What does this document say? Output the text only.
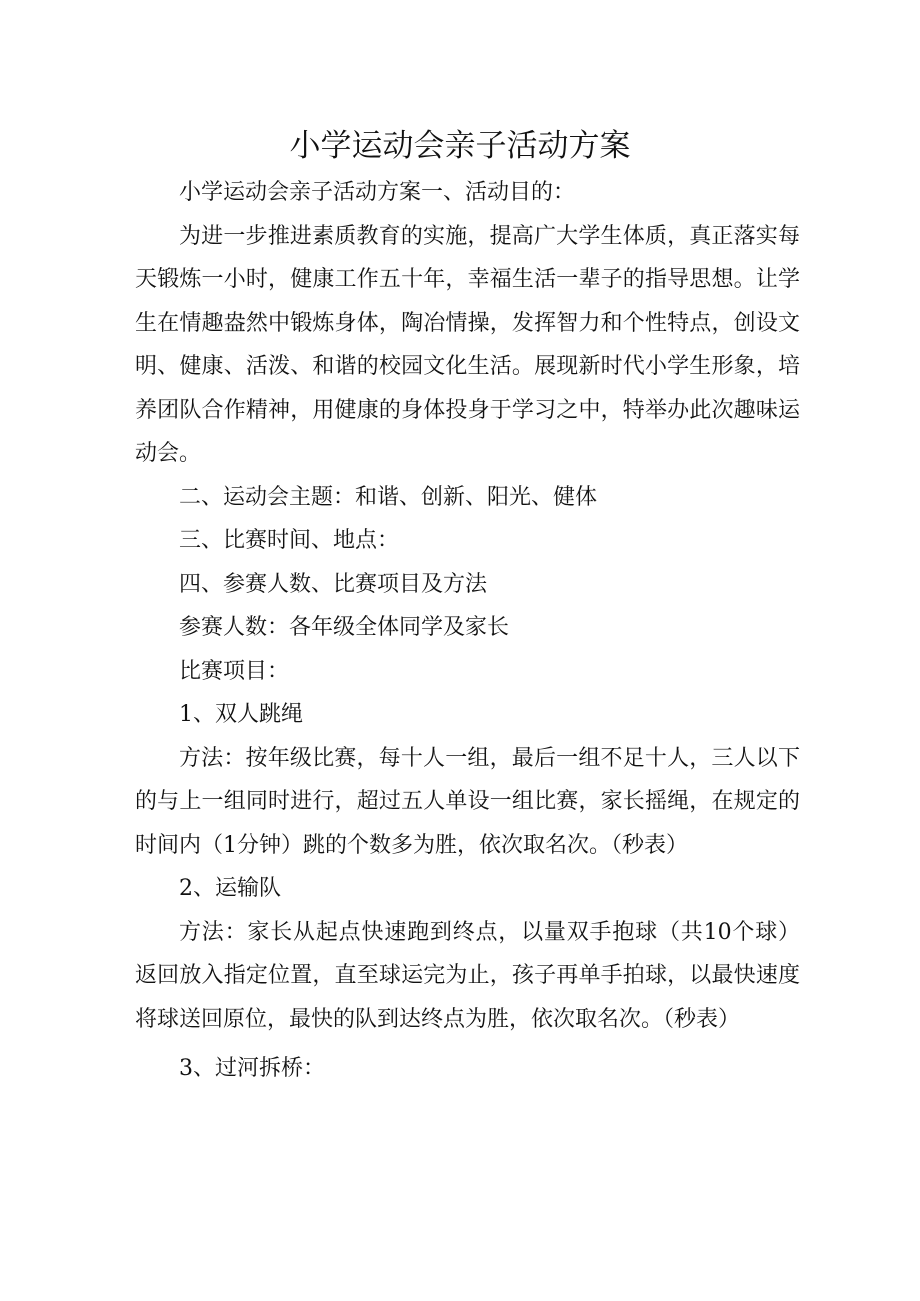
小学运动会亲子活动方案

小学运动会亲子活动方案一、活动目的：

为进一步推进素质教育的实施，提高广大学生体质，真正落实每天锻炼一小时，健康工作五十年，幸福生活一辈子的指导思想。让学生在情趣盎然中锻炼身体，陶冶情操，发挥智力和个性特点，创设文明、健康、活泼、和谐的校园文化生活。展现新时代小学生形象，培养团队合作精神，用健康的身体投身于学习之中，特举办此次趣味运动会。

二、运动会主题：和谐、创新、阳光、健体

三、比赛时间、地点：

四、参赛人数、比赛项目及方法

参赛人数：各年级全体同学及家长

比赛项目：

1、双人跳绳

方法：按年级比赛，每十人一组，最后一组不足十人，三人以下的与上一组同时进行，超过五人单设一组比赛，家长摇绳，在规定的时间内（1分钟）跳的个数多为胜，依次取名次。（秒表）

2、运输队

方法：家长从起点快速跑到终点，以量双手抱球（共10个球）返回放入指定位置，直至球运完为止，孩子再单手拍球，以最快速度将球送回原位，最快的队到达终点为胜，依次取名次。（秒表）

3、过河拆桥：
